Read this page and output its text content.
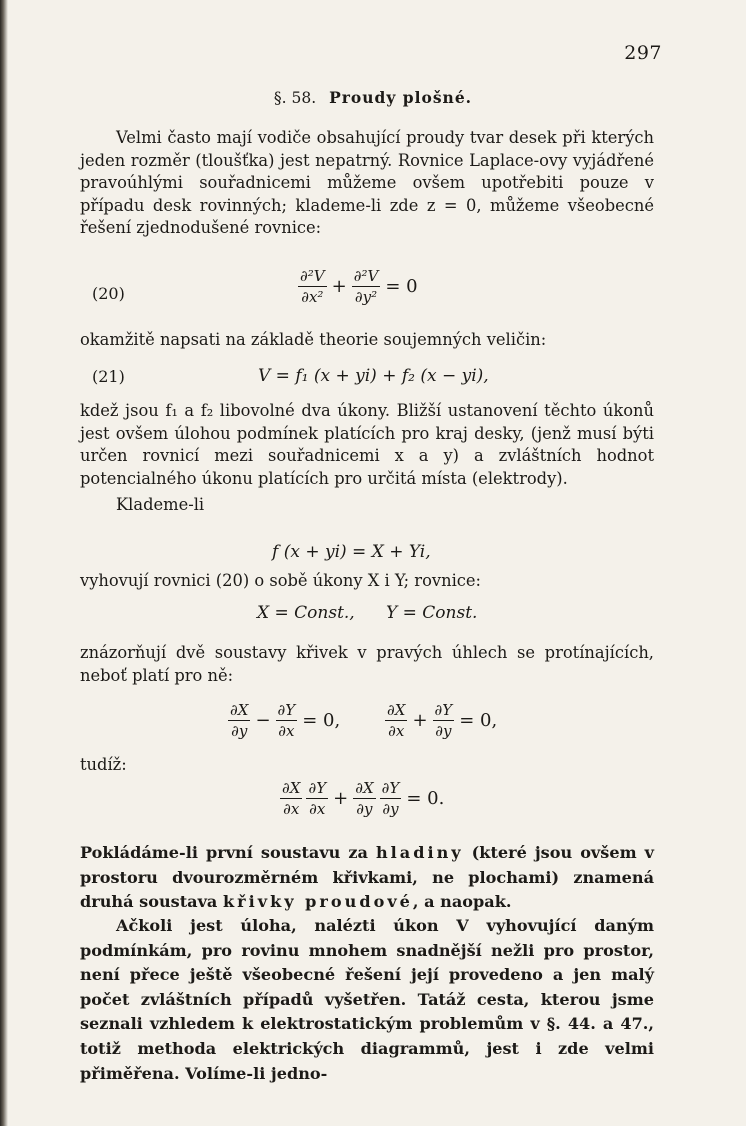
297
§. 58. Proudy plošné.

Velmi často mají vodiče obsahující proudy tvar desek při kterých jeden rozměr (tloušťka) jest nepatrný. Rovnice Laplace-ovy vyjádřené pravoúhlými souřadnicemi můžeme ovšem upotřebiti pouze v případu desk rovinných; klademe-li zde z = 0, můžeme všeobecné řešení zjednodušené rovnice:

(20)	$\frac{\text{∂²V}}{\text{∂x²}} + \frac{\text{∂²V}}{\text{∂y²}} = 0$

okamžitě napsati na základě theorie soujemných veličin:

(21)	V = f₁ (x + yi) + f₂ (x − yi),

kdež jsou f₁ a f₂ libovolné dva úkony. Bližší ustanovení těchto úkonů jest ovšem úlohou podmínek platících pro kraj desky, (jenž musí býti určen rovnicí mezi souřadnicemi x a y) a zvláštních hodnot potencialného úkonu platících pro určitá místa (elektrody).

Klademe-li

f (x + yi) = X + Yi,

vyhovují rovnici (20) o sobě úkony X i Y; rovnice:

X = Const., Y = Const.

znázorňují dvě soustavy křivek v pravých úhlech se protínajících, neboť platí pro ně:

$\frac{\partial X}{\partial y} - \frac{\partial Y}{\partial x} = 0$,	$\frac{\partial X}{\partial x} + \frac{\partial Y}{\partial y} = 0$,

tudíž:

$\frac{\partial X}{\partial x} \frac{\partial Y}{\partial x} + \frac{\partial X}{\partial y} \frac{\partial Y}{\partial y} = 0$.

Pokládáme-li první soustavu za hladiny (které jsou ovšem v prostoru dvourozměrném křivkami, ne plochami) znamená druhá soustava křivky proudové, a naopak.

Ačkoli jest úloha, nalézti úkon V vyhovující daným podmínkám, pro rovinu mnohem snadnější nežli pro prostor, není přece ještě všeobecné řešení její provedeno a jen malý počet zvláštních případů vyšetřen. Tatáž cesta, kterou jsme seznali vzhledem k elektrostatickým problemům v §. 44. a 47., totiž methoda elektrických diagrammů, jest i zde velmi přiměřena. Volíme-li jedno-
